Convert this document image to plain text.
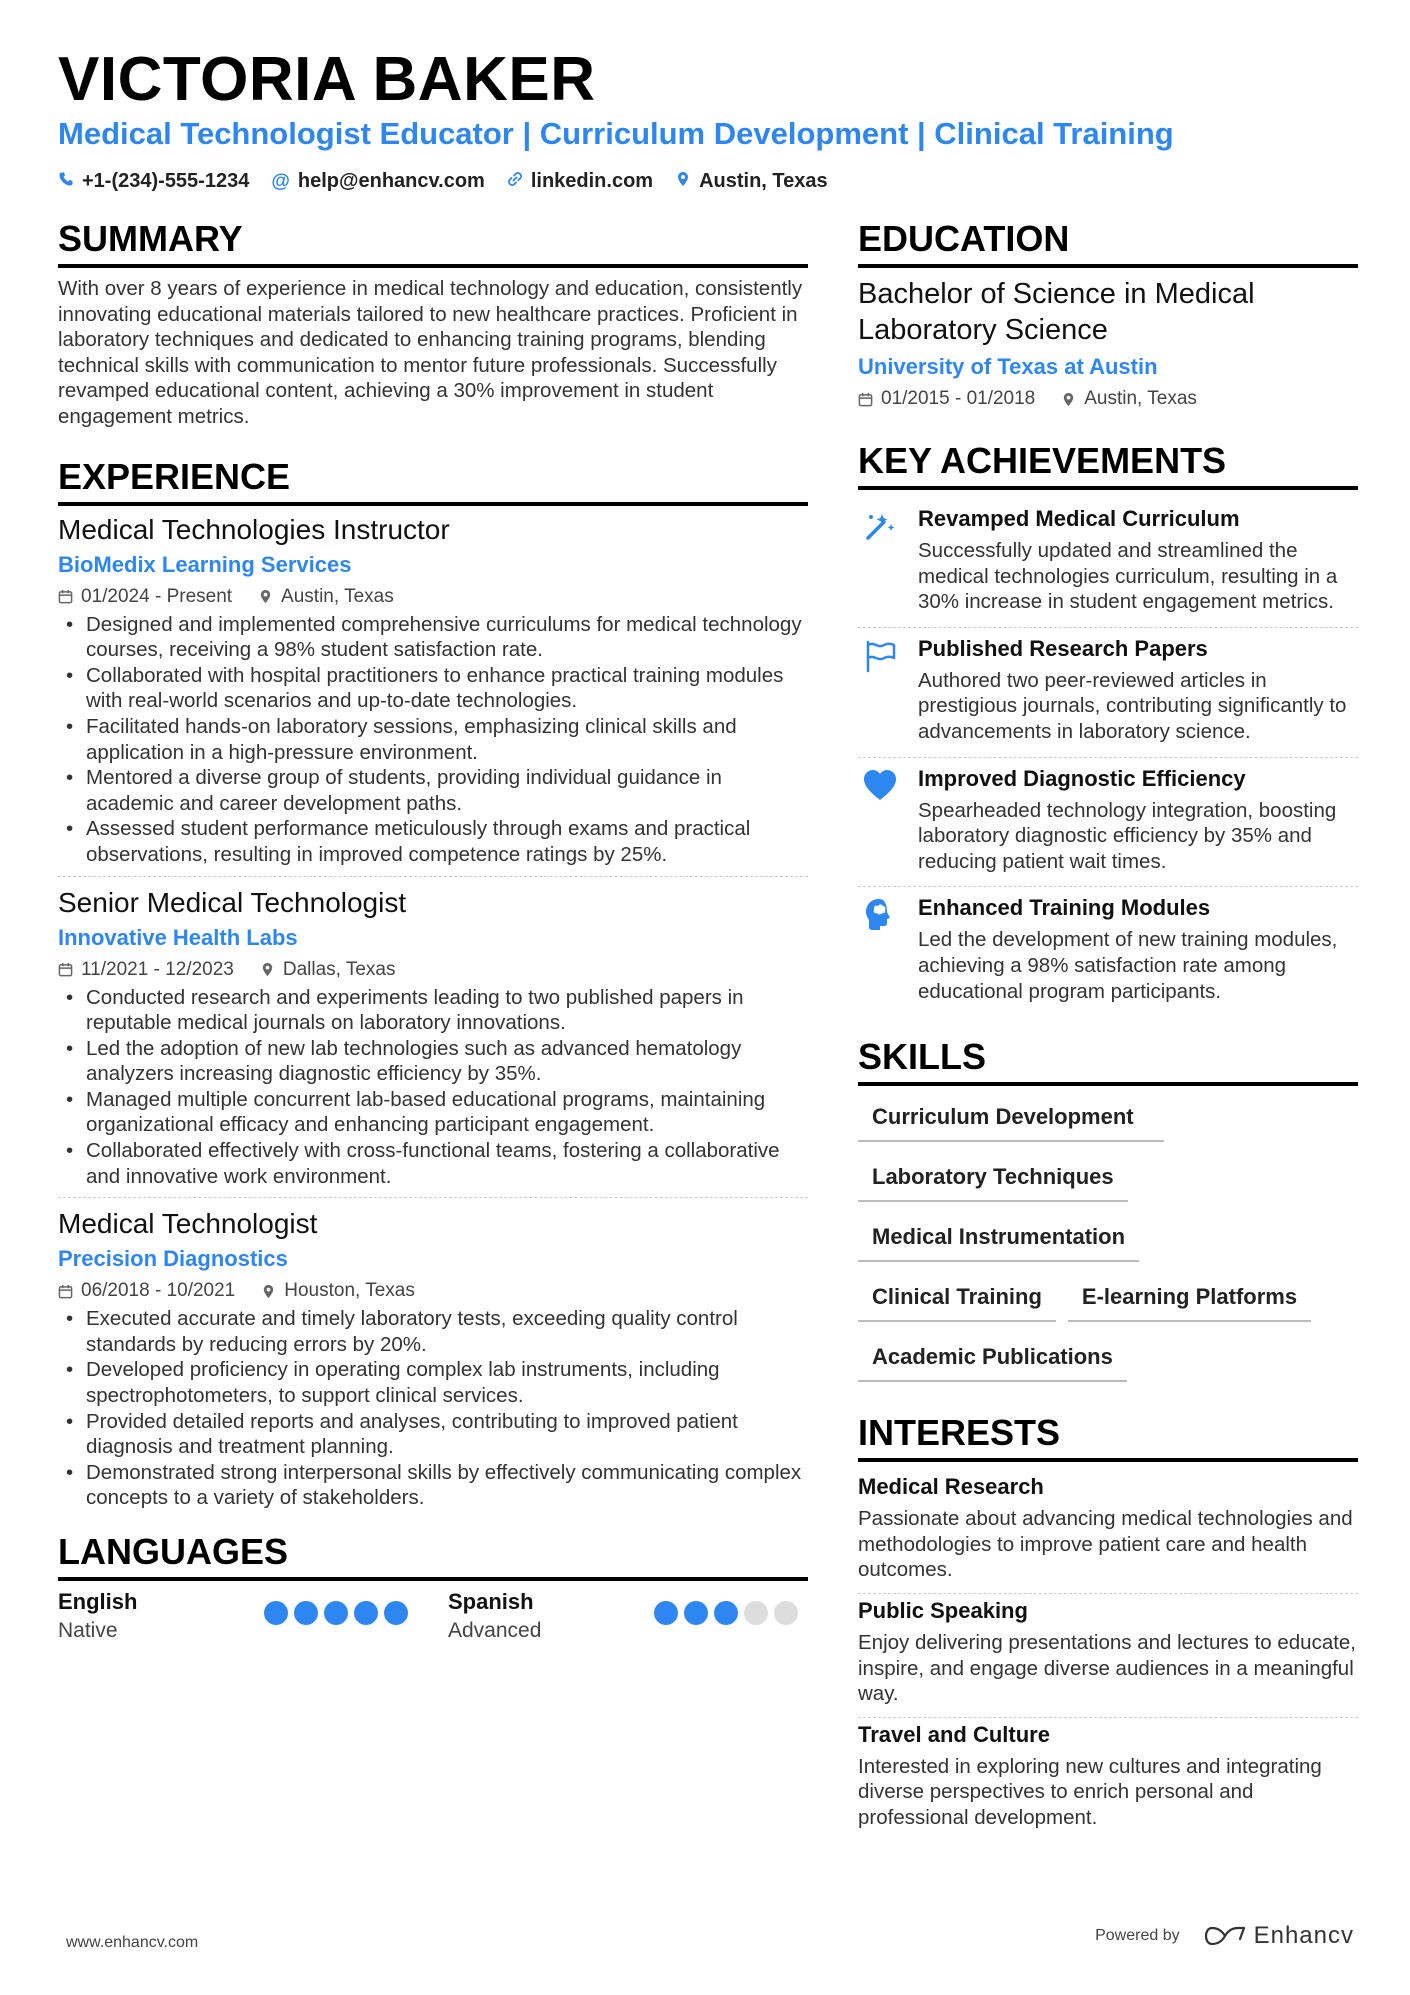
VICTORIA BAKER
Medical Technologist Educator | Curriculum Development | Clinical Training
+1-(234)-555-1234 @ help@enhancv.com linkedin.com Austin, Texas
SUMMARY
With over 8 years of experience in medical technology and education, consistently innovating educational materials tailored to new healthcare practices. Proficient in laboratory techniques and dedicated to enhancing training programs, blending technical skills with communication to mentor future professionals. Successfully revamped educational content, achieving a 30% improvement in student engagement metrics.
EXPERIENCE
Medical Technologies Instructor
BioMedix Learning Services
01/2024 - Present	Austin, Texas
• Designed and implemented comprehensive curriculums for medical technology courses, receiving a 98% student satisfaction rate.
• Collaborated with hospital practitioners to enhance practical training modules with real-world scenarios and up-to-date technologies.
• Facilitated hands-on laboratory sessions, emphasizing clinical skills and application in a high-pressure environment.
• Mentored a diverse group of students, providing individual guidance in academic and career development paths.
• Assessed student performance meticulously through exams and practical observations, resulting in improved competence ratings by 25%.
Senior Medical Technologist
Innovative Health Labs
11/2021 - 12/2023	Dallas, Texas
• Conducted research and experiments leading to two published papers in reputable medical journals on laboratory innovations.
• Led the adoption of new lab technologies such as advanced hematology analyzers increasing diagnostic efficiency by 35%.
• Managed multiple concurrent lab-based educational programs, maintaining organizational efficacy and enhancing participant engagement.
• Collaborated effectively with cross-functional teams, fostering a collaborative and innovative work environment.
Medical Technologist
Precision Diagnostics
06/2018 - 10/2021	Houston, Texas
• Executed accurate and timely laboratory tests, exceeding quality control standards by reducing errors by 20%.
• Developed proficiency in operating complex lab instruments, including spectrophotometers, to support clinical services.
• Provided detailed reports and analyses, contributing to improved patient diagnosis and treatment planning.
• Demonstrated strong interpersonal skills by effectively communicating complex concepts to a variety of stakeholders.
LANGUAGES
English
Native
Spanish
Advanced
EDUCATION
Bachelor of Science in Medical Laboratory Science
University of Texas at Austin
01/2015 - 01/2018	Austin, Texas
KEY ACHIEVEMENTS
Revamped Medical Curriculum
Successfully updated and streamlined the medical technologies curriculum, resulting in a 30% increase in student engagement metrics.
Published Research Papers
Authored two peer-reviewed articles in prestigious journals, contributing significantly to advancements in laboratory science.
Improved Diagnostic Efficiency
Spearheaded technology integration, boosting laboratory diagnostic efficiency by 35% and reducing patient wait times.
Enhanced Training Modules
Led the development of new training modules, achieving a 98% satisfaction rate among educational program participants.
SKILLS
Curriculum Development
Laboratory Techniques
Medical Instrumentation
Clinical Training	E-learning Platforms
Academic Publications
INTERESTS
Medical Research
Passionate about advancing medical technologies and methodologies to improve patient care and health outcomes.
Public Speaking
Enjoy delivering presentations and lectures to educate, inspire, and engage diverse audiences in a meaningful way.
Travel and Culture
Interested in exploring new cultures and integrating diverse perspectives to enrich personal and professional development.
www.enhancv.com	Powered by	Enhancv
